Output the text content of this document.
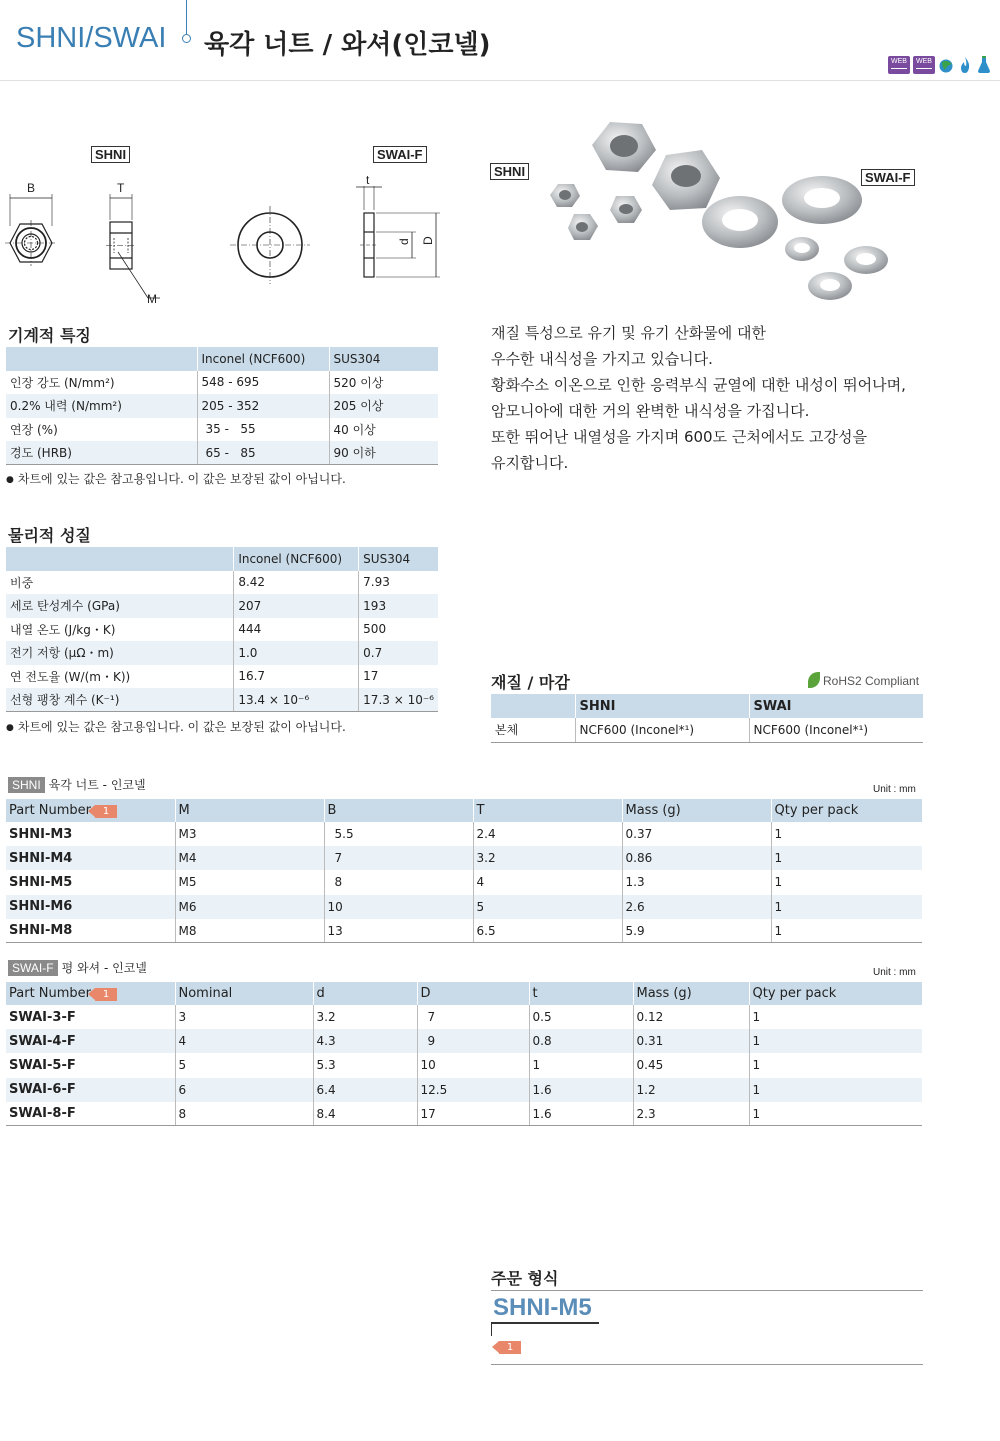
SHNI/SWAI 육각 너트 / 와셔(인코넬)
WEB	WEB
SHNI	SWAI-F
B	T
M
t
d D
SHNI	SWAI-F
기계적 특징
	Inconel (NCF600)	SUS304
인장 강도 (N/mm²)	548 - 695	520 이상
0.2% 내력 (N/mm²)	205 - 352	205 이상
연장 (%)	35 -   55	40 이상
경도 (HRB)	65 -   85	90 이하
● 차트에 있는 값은 참고용입니다. 이 값은 보장된 값이 아닙니다.
물리적 성질
	Inconel (NCF600)	SUS304
비중	8.42	7.93
세로 탄성계수 (GPa)	207	193
내열 온도 (J/kg・K)	444	500
전기 저항 (μΩ・m)	1.0	0.7
연 전도율 (W/(m・K))	16.7	17
선형 팽창 계수 (K⁻¹)	13.4 × 10⁻⁶	17.3 × 10⁻⁶
● 차트에 있는 값은 참고용입니다. 이 값은 보장된 값이 아닙니다.
재질 특성으로 유기 및 유기 산화물에 대한
우수한 내식성을 가지고 있습니다.
황화수소 이온으로 인한 응력부식 균열에 대한 내성이 뛰어나며,
암모니아에 대한 거의 완벽한 내식성을 가집니다.
또한 뛰어난 내열성을 가지며 600도 근처에서도 고강성을
유지합니다.
재질 / 마감	RoHS2 Compliant
	SHNI	SWAI
본체	NCF600 (Inconel*¹)	NCF600 (Inconel*¹)
SHNI 육각 너트 - 인코넬	Unit : mm
Part Number 1	M	B	T	Mass (g)	Qty per pack
SHNI-M3	M3	5.5	2.4	0.37	1
SHNI-M4	M4	7	3.2	0.86	1
SHNI-M5	M5	8	4	1.3	1
SHNI-M6	M6	10	5	2.6	1
SHNI-M8	M8	13	6.5	5.9	1
SWAI-F 평 와셔 - 인코넬	Unit : mm
Part Number 1	Nominal	d	D	t	Mass (g)	Qty per pack
SWAI-3-F	3	3.2	7	0.5	0.12	1
SWAI-4-F	4	4.3	9	0.8	0.31	1
SWAI-5-F	5	5.3	10	1	0.45	1
SWAI-6-F	6	6.4	12.5	1.6	1.2	1
SWAI-8-F	8	8.4	17	1.6	2.3	1
주문 형식
SHNI-M5
1
